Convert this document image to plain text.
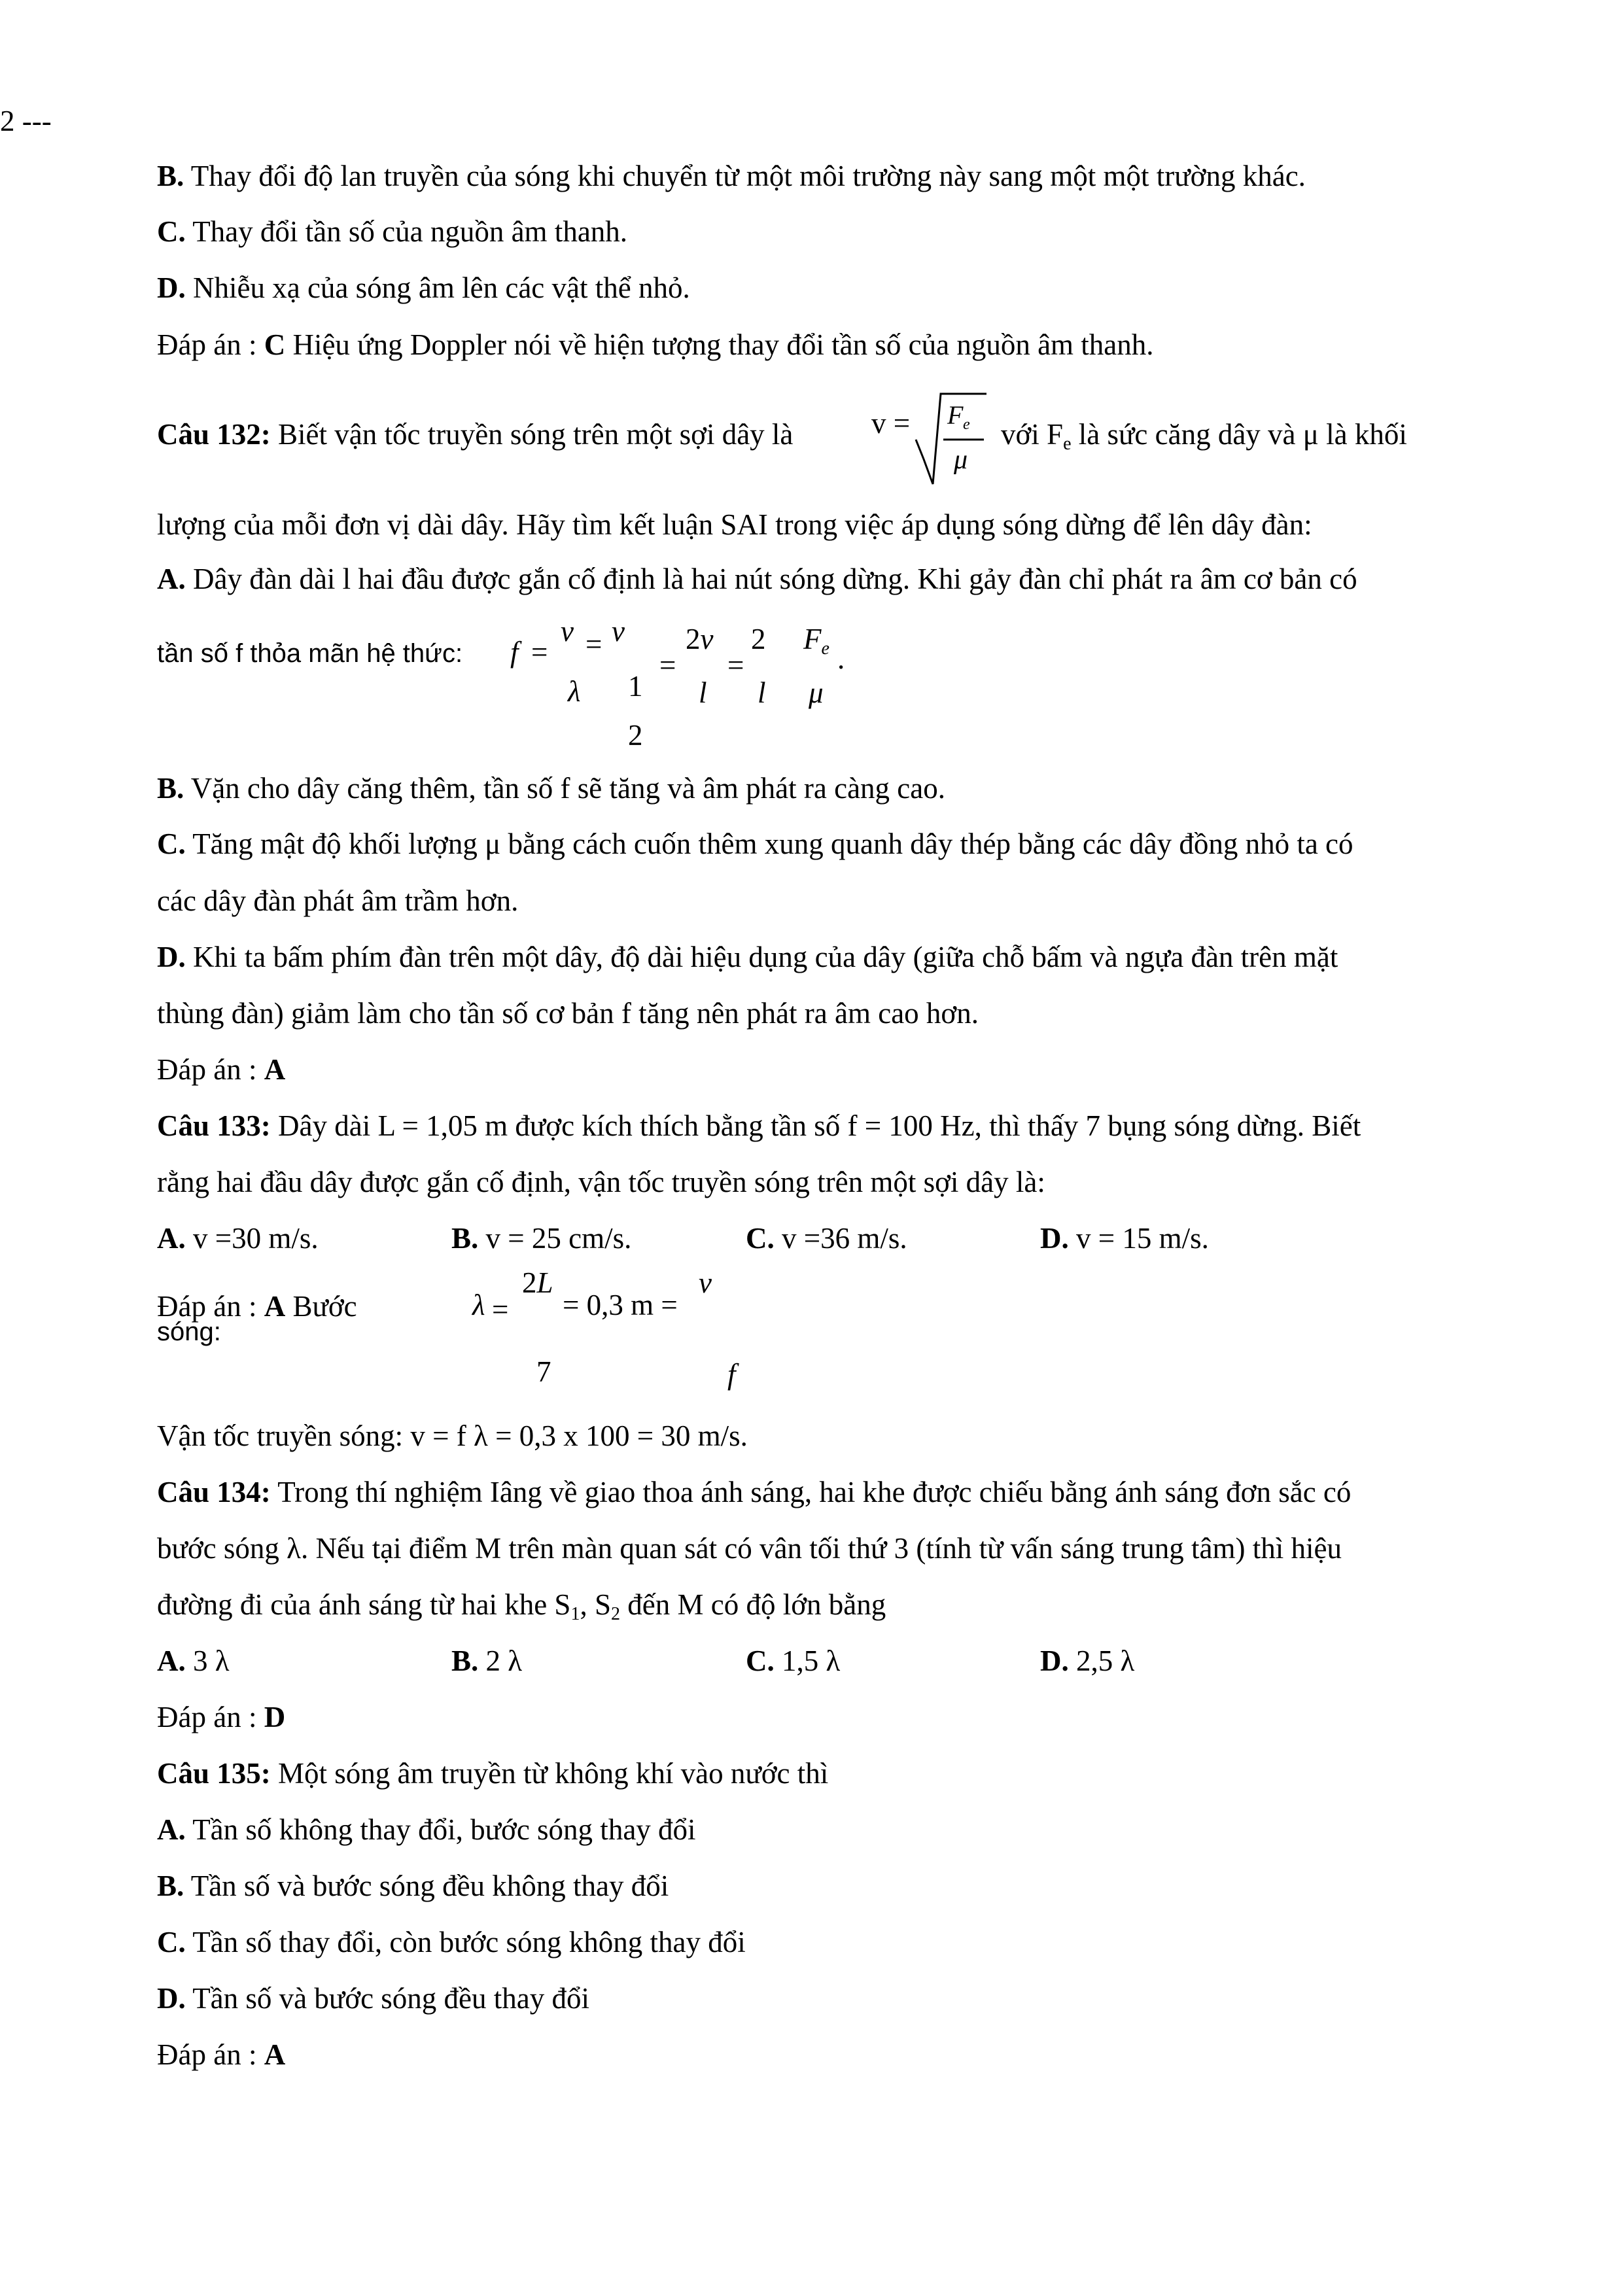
2 ---
B. Thay đổi độ lan truyền của sóng khi chuyển từ một môi trường này sang một một trường khác.
C. Thay đổi tần số của nguồn âm thanh.
D. Nhiễu xạ của sóng âm lên các vật thể nhỏ.
Đáp án : C Hiệu ứng Doppler nói về hiện tượng thay đổi tần số của nguồn âm thanh.
Câu 132: Biết vận tốc truyền sóng trên một sợi dây là	v = F e
μ
với $F_e$ là sức căng dây và μ là khối
lượng của mỗi đơn vị dài dây. Hãy tìm kết luận SAI trong việc áp dụng sóng dừng để lên dây đàn:
A. Dây đàn dài l hai đầu được gắn cố định là hai nút sóng dừng. Khi gảy đàn chỉ phát ra âm cơ bản có
tần số f thỏa mãn hệ thức: f =
v = v
=
2v
=
2 $F_e$ .
λ 1 l l μ
2
B. Vặn cho dây căng thêm, tần số f sẽ tăng và âm phát ra càng cao.
C. Tăng mật độ khối lượng μ bằng cách cuốn thêm xung quanh dây thép bằng các dây đồng nhỏ ta có
các dây đàn phát âm trầm hơn.
D. Khi ta bấm phím đàn trên một dây, độ dài hiệu dụng của dây (giữa chỗ bấm và ngựa đàn trên mặt
thùng đàn) giảm làm cho tần số cơ bản f tăng nên phát ra âm cao hơn.
Đáp án : A
Câu 133: Dây dài L = 1,05 m được kích thích bằng tần số f = 100 Hz, thì thấy 7 bụng sóng dừng. Biết
rằng hai đầu dây được gắn cố định, vận tốc truyền sóng trên một sợi dây là:
A. v =30 m/s.	B. v = 25 cm/s.	C. v =36 m/s.	D. v = 15 m/s.
Đáp án : A Bước
sóng:
λ =
2L
= 0,3 m =
v
7	f
Vận tốc truyền sóng: v = f λ = 0,3 x 100 = 30 m/s.
Câu 134: Trong thí nghiệm Iâng về giao thoa ánh sáng, hai khe được chiếu bằng ánh sáng đơn sắc có
bước sóng λ. Nếu tại điểm M trên màn quan sát có vân tối thứ 3 (tính từ vấn sáng trung tâm) thì hiệu
đường đi của ánh sáng từ hai khe $S_1$, $S_2$ đến M có độ lớn bằng
A. 3 λ	B. 2 λ	C. 1,5 λ	D. 2,5 λ
Đáp án : D
Câu 135: Một sóng âm truyền từ không khí vào nước thì
A. Tần số không thay đổi, bước sóng thay đổi
B. Tần số và bước sóng đều không thay đổi
C. Tần số thay đổi, còn bước sóng không thay đổi
D. Tần số và bước sóng đều thay đổi
Đáp án : A
